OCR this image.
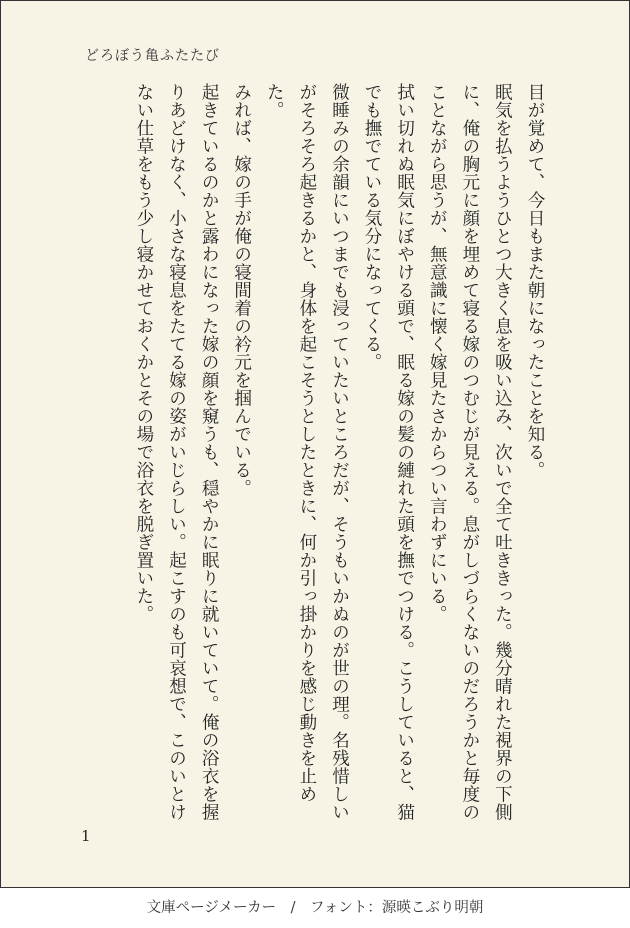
どろぼう亀ふたたび

目が覚めて、今日もまた朝になったことを知る。

眠気を払うようひとつ大きく息を吸い込み、次いで全て吐ききった。幾分晴れた視界の下側に、俺の胸元に顔を埋めて寝る嫁のつむじが見える。息がしづらくないのだろうかと毎度のことながら思うが、無意識に懐く嫁見たさからつい言わずにいる。

拭い切れぬ眠気にぼやける頭で、眠る嫁の髪の縺れた頭を撫でつける。こうしていると、猫でも撫でている気分になってくる。

微睡みの余韻にいつまでも浸っていたいところだが、そうもいかぬのが世の理。名残惜しいがそろそろ起きるかと、身体を起こそうとしたときに、何か引っ掛かりを感じ動きを止めた。

みれば、嫁の手が俺の寝間着の衿元を掴んでいる。

起きているのかと露わになった嫁の顔を窺うも、穏やかに眠りに就いていて。俺の浴衣を握りあどけなく、小さな寝息をたてる嫁の姿がいじらしい。起こすのも可哀想で、このいとけない仕草をもう少し寝かせておくかとその場で浴衣を脱ぎ置いた。

1
文庫ページメーカー　/　フォント：源暎こぶり明朝
